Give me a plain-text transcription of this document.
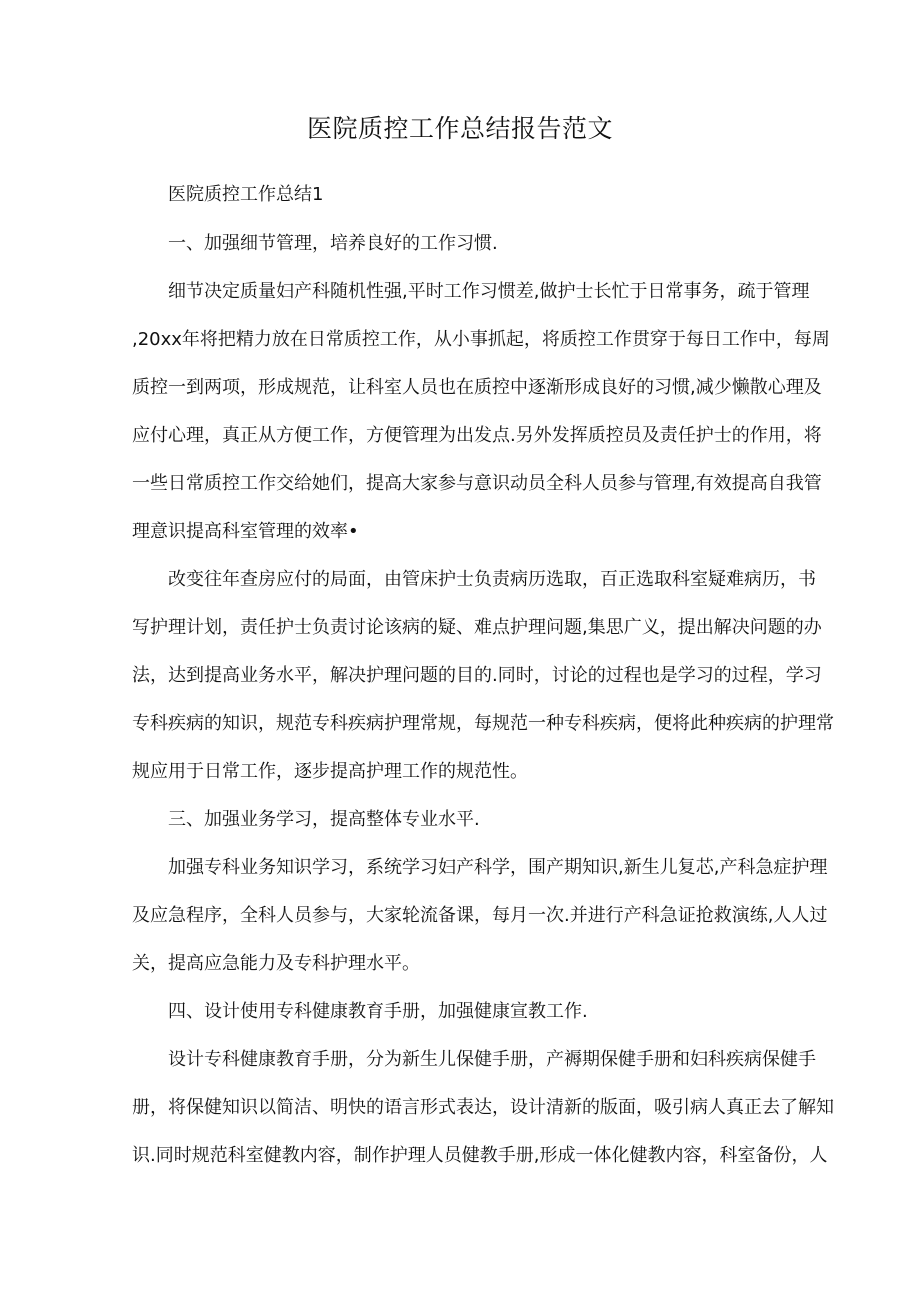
医院质控工作总结报告范文
医院质控工作总结1
一、加强细节管理，培养良好的工作习惯.
细节决定质量妇产科随机性强,平时工作习惯差,做护士长忙于日常事务，疏于管理
,20xx年将把精力放在日常质控工作，从小事抓起，将质控工作贯穿于每日工作中，每周
质控一到两项，形成规范，让科室人员也在质控中逐渐形成良好的习惯,减少懒散心理及
应付心理，真正从方便工作，方便管理为出发点.另外发挥质控员及责任护士的作用，将
一些日常质控工作交给她们，提高大家参与意识动员全科人员参与管理,有效提高自我管
理意识提高科室管理的效率•
改变往年查房应付的局面，由管床护士负责病历选取，百正选取科室疑难病历，书
写护理计划，责任护士负责讨论该病的疑、难点护理问题,集思广义，提出解决问题的办
法，达到提高业务水平，解决护理问题的目的.同时，讨论的过程也是学习的过程，学习
专科疾病的知识，规范专科疾病护理常规，每规范一种专科疾病，便将此种疾病的护理常
规应用于日常工作，逐步提高护理工作的规范性。
三、加强业务学习，提高整体专业水平.
加强专科业务知识学习，系统学习妇产科学，围产期知识,新生儿复芯,产科急症护理
及应急程序，全科人员参与，大家轮流备课，每月一次.并进行产科急证抢救演练,人人过
关，提高应急能力及专科护理水平。
四、设计使用专科健康教育手册，加强健康宣教工作.
设计专科健康教育手册，分为新生儿保健手册，产褥期保健手册和妇科疾病保健手
册，将保健知识以简洁、明快的语言形式表达，设计清新的版面，吸引病人真正去了解知
识.同时规范科室健教内容，制作护理人员健教手册,形成一体化健教内容，科室备份，人
